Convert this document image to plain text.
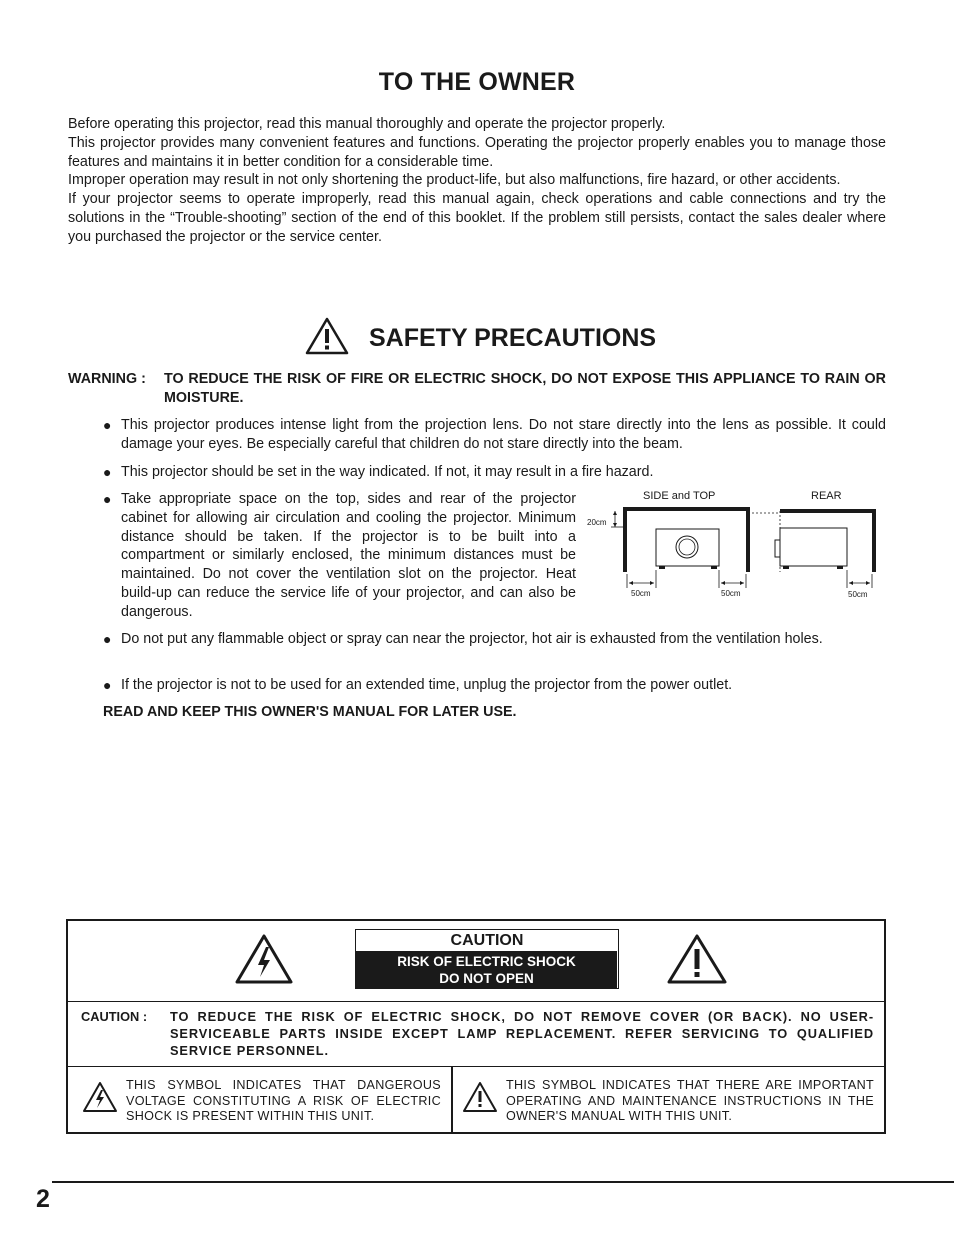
TO THE OWNER

Before operating this projector, read this manual thoroughly and operate the projector properly.

This projector provides many convenient features and functions. Operating the projector properly enables you to manage those features and maintains it in better condition for a considerable time.

Improper operation may result in not only shortening the product-life, but also malfunctions, fire hazard, or other accidents.

If your projector seems to operate improperly, read this manual again, check operations and cable connections and try the solutions in the “Trouble-shooting” section of the end of this booklet. If the problem still persists, contact the sales dealer where you purchased the projector or the service center.

SAFETY PRECAUTIONS
WARNING : TO REDUCE THE RISK OF FIRE OR ELECTRIC SHOCK, DO NOT EXPOSE THIS APPLIANCE TO RAIN OR MOISTURE.
● This projector produces intense light from the projection lens. Do not stare directly into the lens as possible. It could damage your eyes. Be especially careful that children do not stare directly into the beam.
● This projector should be set in the way indicated. If not, it may result in a fire hazard.
● Take appropriate space on the top, sides and rear of the projector cabinet for allowing air circulation and cooling the projector. Minimum distance should be taken. If the projector is to be built into a compartment or similarly enclosed, the minimum distances must be maintained. Do not cover the ventilation slot on the projector. Heat build-up can reduce the service life of your projector, and can also be dangerous.
● Do not put any flammable object or spray can near the projector, hot air is exhausted from the ventilation holes.
● If the projector is not to be used for an extended time, unplug the projector from the power outlet.
READ AND KEEP THIS OWNER'S MANUAL FOR LATER USE.
SIDE and TOP	REAR
20cm
50cm	50cm	50cm
CAUTION
RISK OF ELECTRIC SHOCK
DO NOT OPEN
CAUTION : TO REDUCE THE RISK OF ELECTRIC SHOCK, DO NOT REMOVE COVER (OR BACK). NO USER-SERVICEABLE PARTS INSIDE EXCEPT LAMP REPLACEMENT. REFER SERVICING TO QUALIFIED SERVICE PERSONNEL.
THIS SYMBOL INDICATES THAT DANGEROUS VOLTAGE CONSTITUTING A RISK OF ELECTRIC SHOCK IS PRESENT WITHIN THIS UNIT.
THIS SYMBOL INDICATES THAT THERE ARE IMPORTANT OPERATING AND MAINTENANCE INSTRUCTIONS IN THE OWNER'S MANUAL WITH THIS UNIT.
2
